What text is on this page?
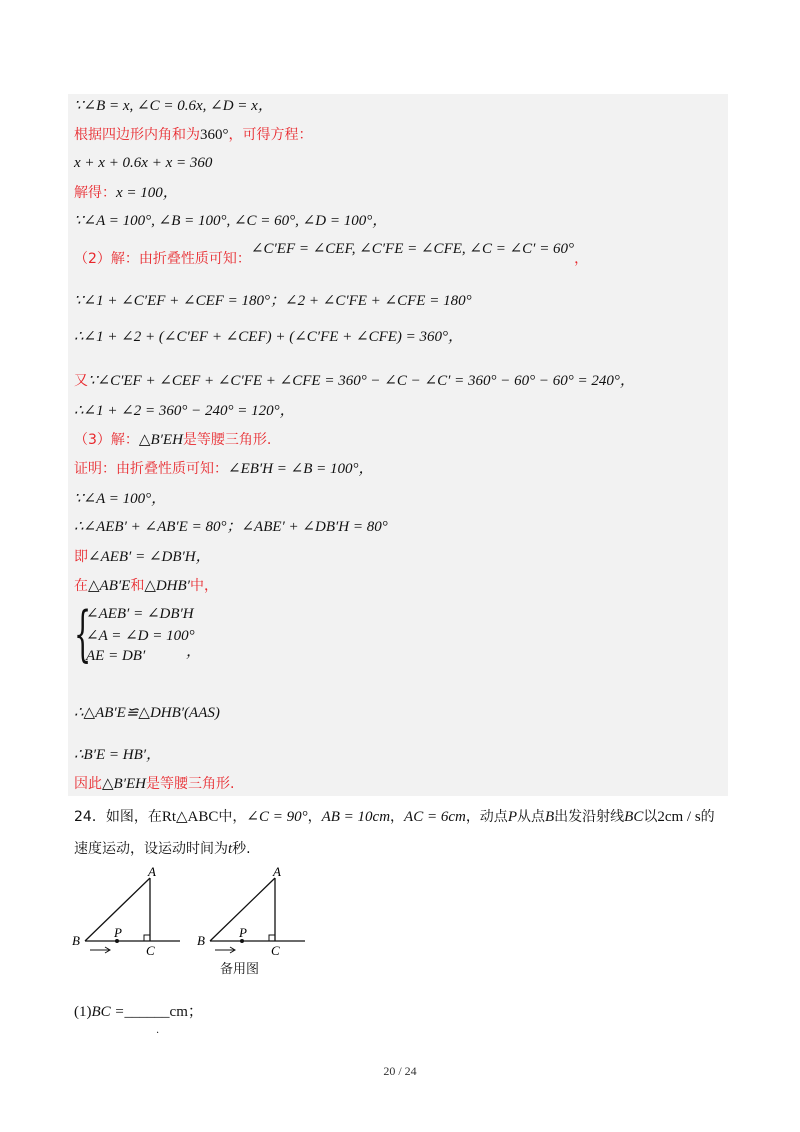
∵∠B = x, ∠C = 0.6x, ∠D = x，
根据四边形内角和为360°，可得方程：
x + x + 0.6x + x = 360
解得：x = 100，
∵∠A = 100°, ∠B = 100°, ∠C = 60°, ∠D = 100°，
（2）解：由折叠性质可知：∠C′EF = ∠CEF, ∠C′FE = ∠CFE, ∠C = ∠C′ = 60°，
∵∠1 + ∠C′EF + ∠CEF = 180°；∠2 + ∠C′FE + ∠CFE = 180°
∴∠1 + ∠2 + (∠C′EF + ∠CEF) + (∠C′FE + ∠CFE) = 360°，
又∵∠C′EF + ∠CEF + ∠C′FE + ∠CFE = 360° − ∠C − ∠C′ = 360° − 60° − 60° = 240°，
∴∠1 + ∠2 = 360° − 240° = 120°，
（3）解：△B′EH是等腰三角形.
证明：由折叠性质可知：∠EB′H = ∠B = 100°，
∵∠A = 100°，
∴∠AEB′ + ∠AB′E = 80°；∠ABE′ + ∠DB′H = 80°
即∠AEB′ = ∠DB′H，
在△AB′E和△DHB′中，
{
∠AEB′ = ∠DB′H
∠A = ∠D = 100°
AE = DB′	，
∴△AB′E≌△DHB′(AAS)
∴B′E = HB′，
因此△B′EH是等腰三角形.
24．如图，在Rt△ABC中，∠C = 90°，AB = 10cm，AC = 6cm，动点P从点B出发沿射线BC以2cm / s的
速度运动，设运动时间为t秒.
A
B
P
C
A
B
P
C
备用图
(1)BC =______cm；
.
20 / 24
